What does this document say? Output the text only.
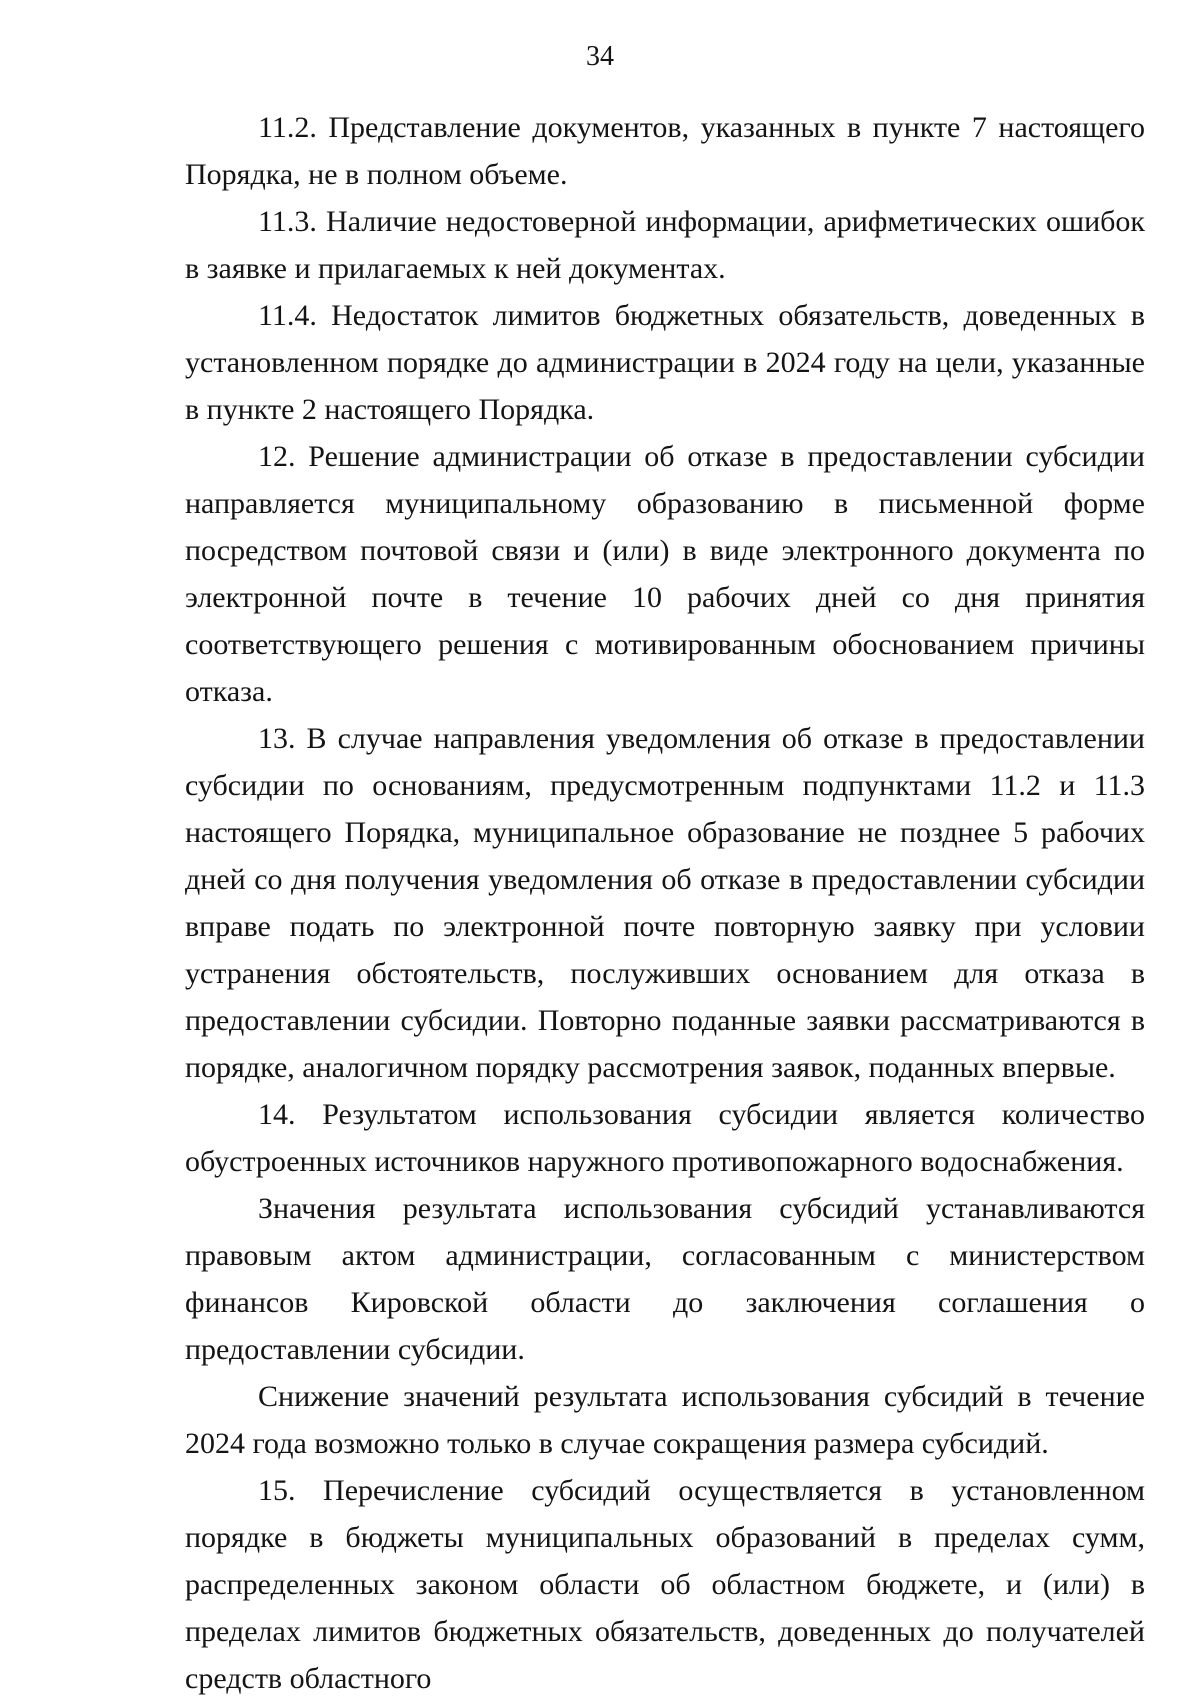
34

11.2. Представление документов, указанных в пункте 7 настоящего Порядка, не в полном объеме.

11.3. Наличие недостоверной информации, арифметических ошибок в заявке и прилагаемых к ней документах.

11.4. Недостаток лимитов бюджетных обязательств, доведенных в установленном порядке до администрации в 2024 году на цели, указанные в пункте 2 настоящего Порядка.

12. Решение администрации об отказе в предоставлении субсидии направляется муниципальному образованию в письменной форме посредством почтовой связи и (или) в виде электронного документа по электронной почте в течение 10 рабочих дней со дня принятия соответствующего решения с мотивированным обоснованием причины отказа.

13. В случае направления уведомления об отказе в предоставлении субсидии по основаниям, предусмотренным подпунктами 11.2 и 11.3 настоящего Порядка, муниципальное образование не позднее 5 рабочих дней со дня получения уведомления об отказе в предоставлении субсидии вправе подать по электронной почте повторную заявку при условии устранения обстоятельств, послуживших основанием для отказа в предоставлении субсидии. Повторно поданные заявки рассматриваются в порядке, аналогичном порядку рассмотрения заявок, поданных впервые.

14. Результатом использования субсидии является количество обустроенных источников наружного противопожарного водоснабжения.

Значения результата использования субсидий устанавливаются правовым актом администрации, согласованным с министерством финансов Кировской области до заключения соглашения о предоставлении субсидии.

Снижение значений результата использования субсидий в течение 2024 года возможно только в случае сокращения размера субсидий.

15. Перечисление субсидий осуществляется в установленном порядке в бюджеты муниципальных образований в пределах сумм, распределенных законом области об областном бюджете, и (или) в пределах лимитов бюджетных обязательств, доведенных до получателей средств областного
